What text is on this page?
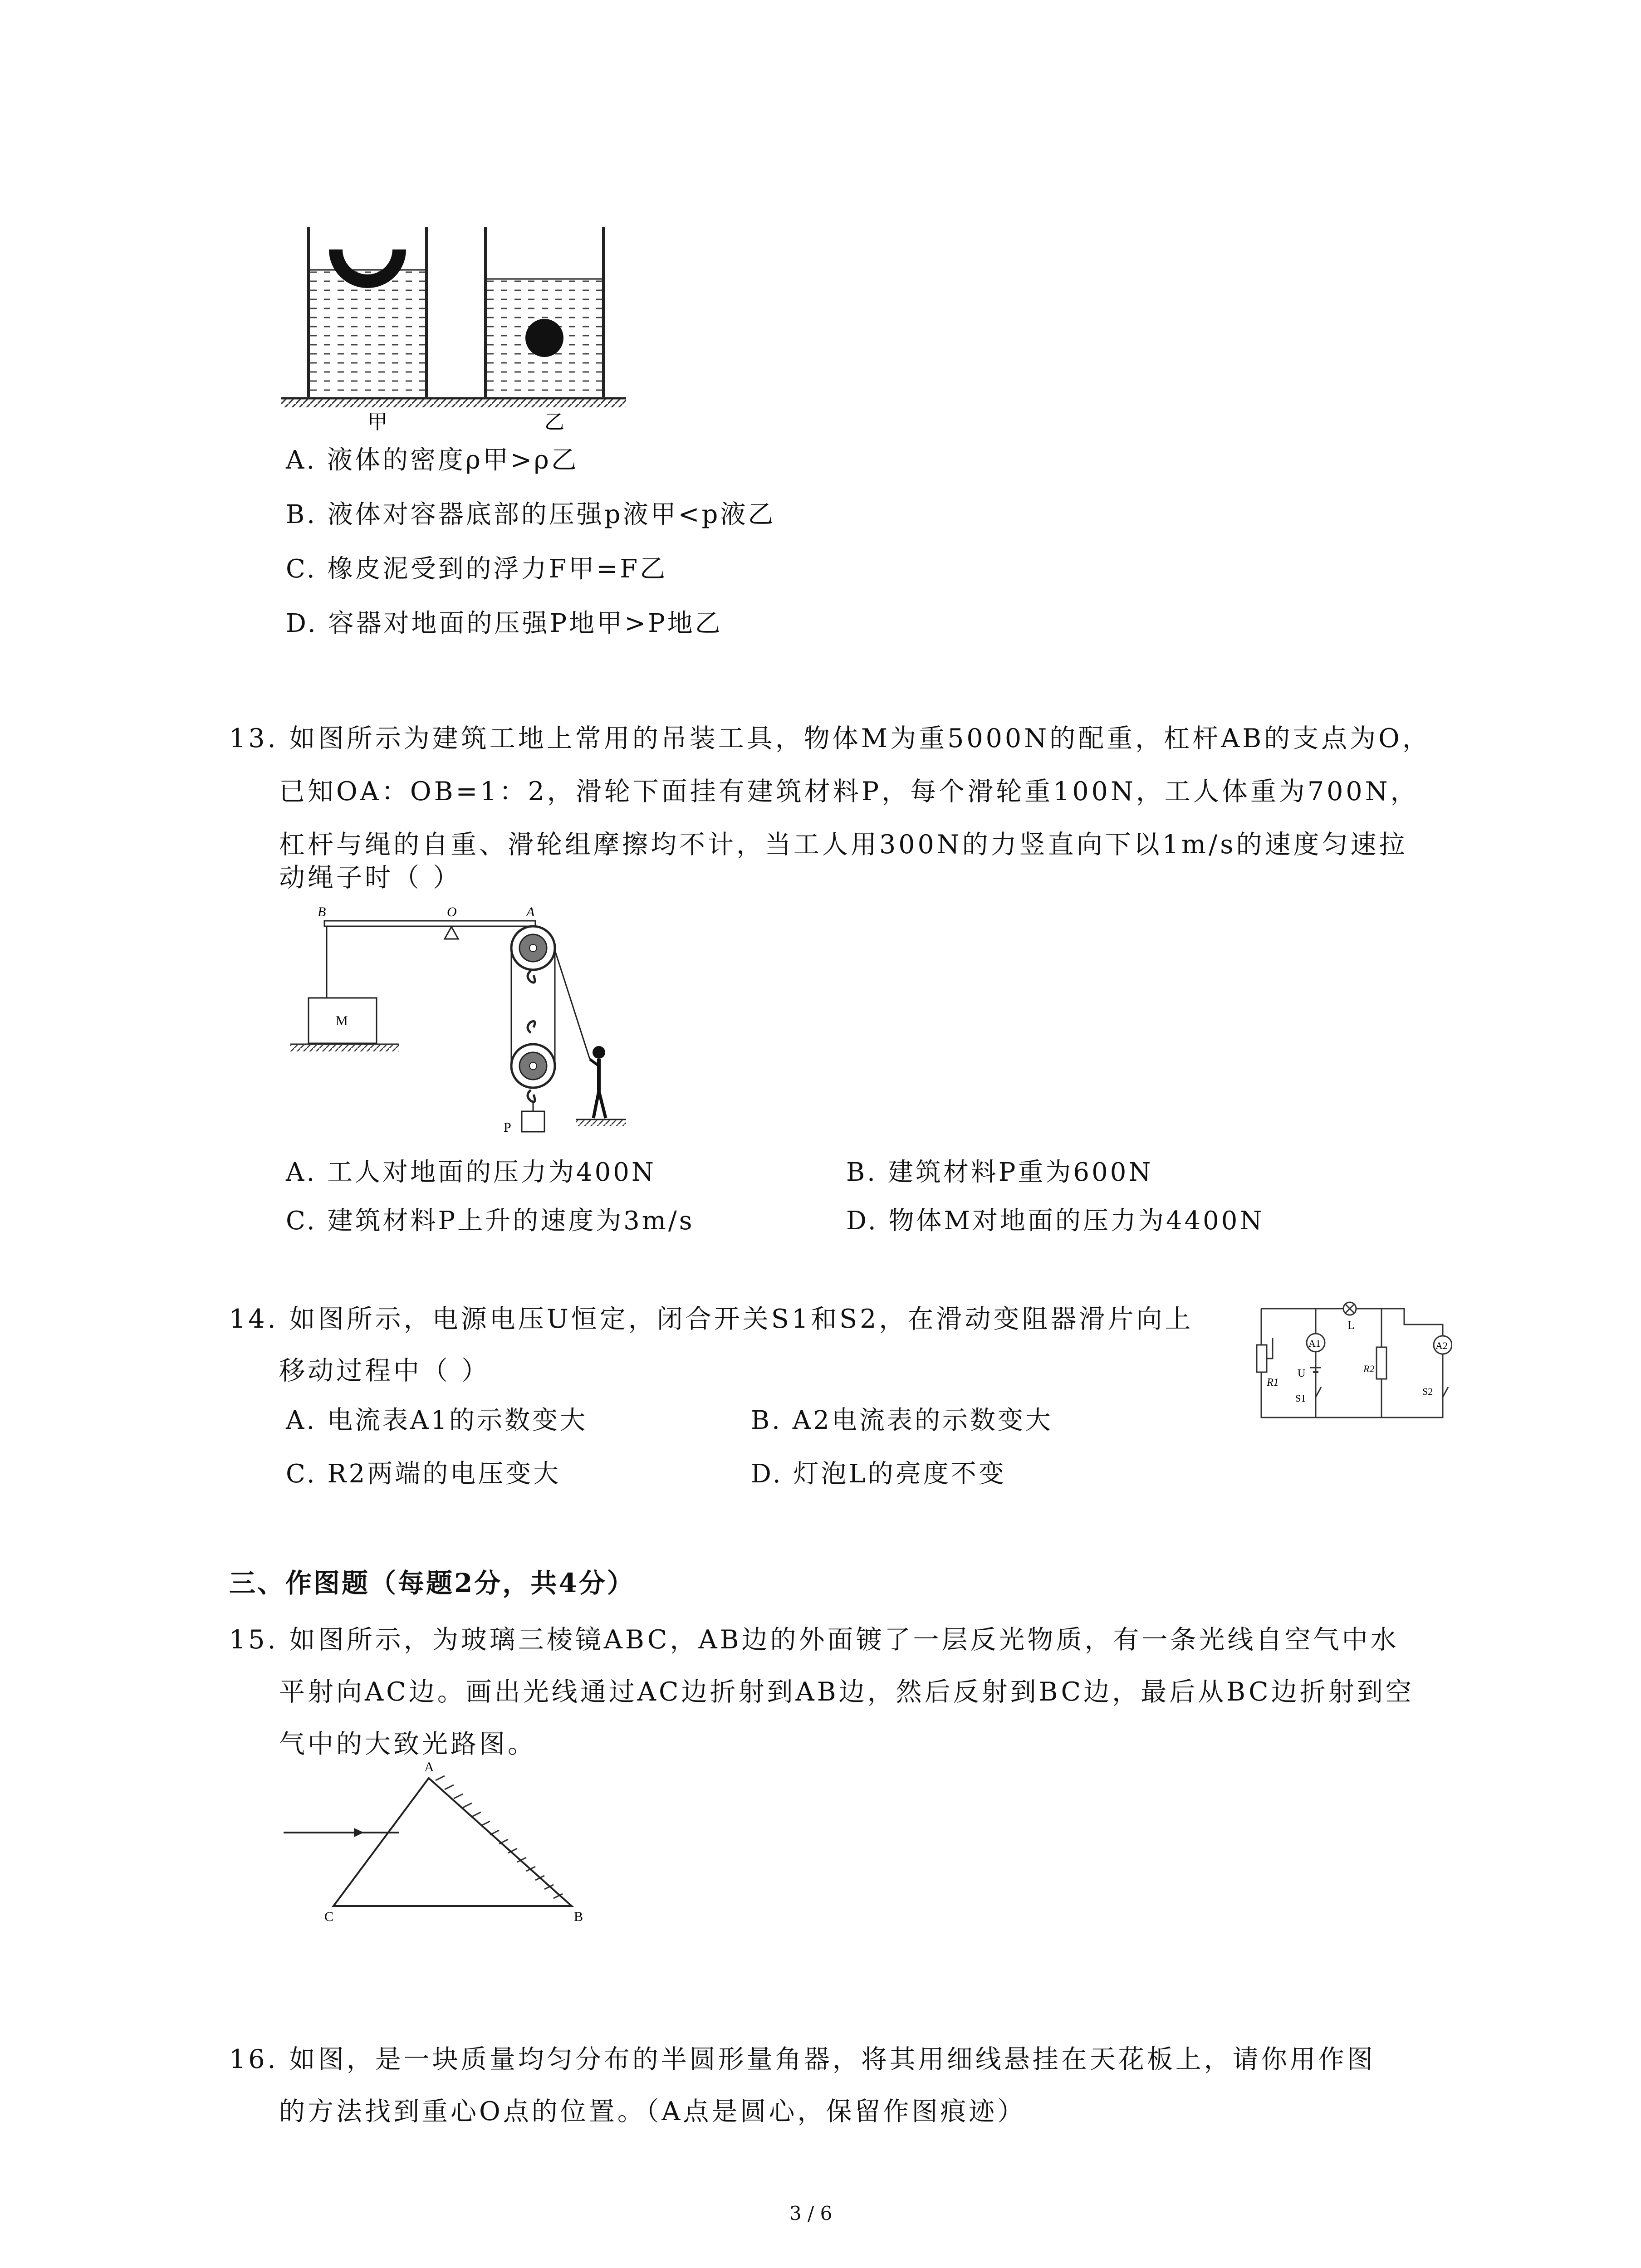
甲	乙
A. 液体的密度ρ甲>ρ乙
B. 液体对容器底部的压强p液甲<p液乙
C. 橡皮泥受到的浮力F甲=F乙
D. 容器对地面的压强P地甲>P地乙
13. 如图所示为建筑工地上常用的吊装工具，物体M为重5000N的配重，杠杆AB的支点为O，
已知OA：OB=1：2，滑轮下面挂有建筑材料P，每个滑轮重100N，工人体重为700N，
杠杆与绳的自重、滑轮组摩擦均不计，当工人用300N的力竖直向下以1m/s的速度匀速拉
动绳子时（ ）
B	O	A
M
P
A. 工人对地面的压力为400N	B. 建筑材料P重为600N
C. 建筑材料P上升的速度为3m/s	D. 物体M对地面的压力为4400N
14. 如图所示，电源电压U恒定，闭合开关S1和S2，在滑动变阻器滑片向上
移动过程中（ ）
L
R1
A1
U
S1
R2
A2
S2
A. 电流表A1的示数变大	B. A2电流表的示数变大
C. R2两端的电压变大	D. 灯泡L的亮度不变
三、作图题（每题2分，共4分）
15. 如图所示，为玻璃三棱镜ABC，AB边的外面镀了一层反光物质，有一条光线自空气中水
平射向AC边。画出光线通过AC边折射到AB边，然后反射到BC边，最后从BC边折射到空
气中的大致光路图。
A
C	B
16. 如图，是一块质量均匀分布的半圆形量角器，将其用细线悬挂在天花板上，请你用作图
的方法找到重心O点的位置。（A点是圆心，保留作图痕迹）
3 / 6
